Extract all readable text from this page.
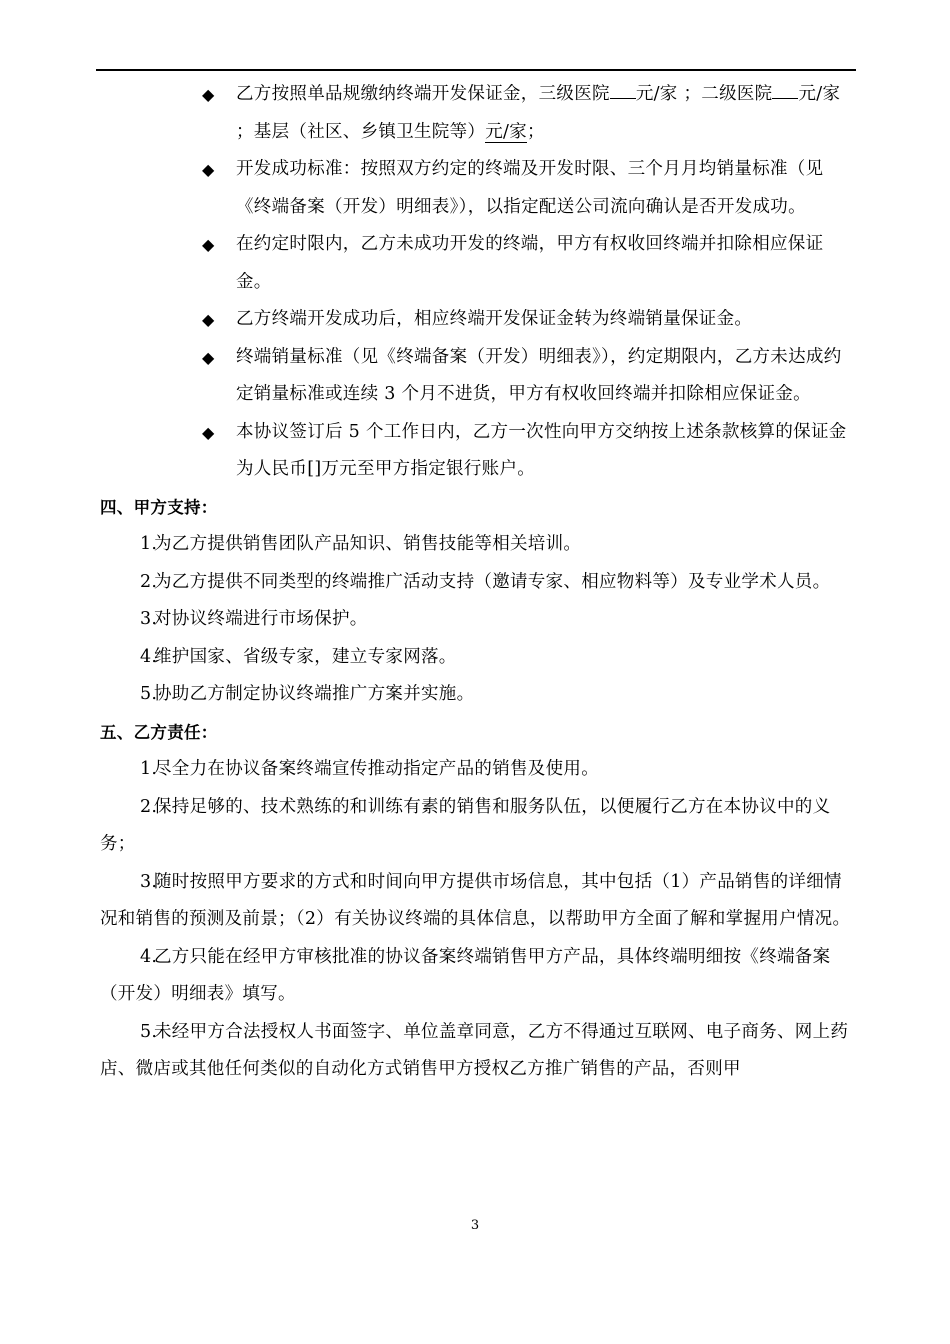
◆ 乙方按照单品规缴纳终端开发保证金，三级医院 元/家 ；二级医院 元/家 ；基层（社区、乡镇卫生院等）元/家；

◆ 开发成功标准：按照双方约定的终端及开发时限、三个月月均销量标准（见《终端备案（开发）明细表》），以指定配送公司流向确认是否开发成功。

◆ 在约定时限内，乙方未成功开发的终端，甲方有权收回终端并扣除相应保证金。

◆ 乙方终端开发成功后，相应终端开发保证金转为终端销量保证金。

◆ 终端销量标准（见《终端备案（开发）明细表》），约定期限内，乙方未达成约定销量标准或连续 3 个月不进货，甲方有权收回终端并扣除相应保证金。

◆ 本协议签订后 5 个工作日内，乙方一次性向甲方交纳按上述条款核算的保证金为人民币[]万元至甲方指定银行账户。

四、甲方支持：

1.为乙方提供销售团队产品知识、销售技能等相关培训。

2.为乙方提供不同类型的终端推广活动支持（邀请专家、相应物料等）及专业学术人员。

3.对协议终端进行市场保护。

4.维护国家、省级专家，建立专家网落。

5.协助乙方制定协议终端推广方案并实施。

五、乙方责任：

1.尽全力在协议备案终端宣传推动指定产品的销售及使用。

2.保持足够的、技术熟练的和训练有素的销售和服务队伍，以便履行乙方在本协议中的义务；

3.随时按照甲方要求的方式和时间向甲方提供市场信息，其中包括（1）产品销售的详细情况和销售的预测及前景；（2）有关协议终端的具体信息，以帮助甲方全面了解和掌握用户情况。

4.乙方只能在经甲方审核批准的协议备案终端销售甲方产品，具体终端明细按《终端备案（开发）明细表》填写。

5.未经甲方合法授权人书面签字、单位盖章同意，乙方不得通过互联网、电子商务、网上药店、微店或其他任何类似的自动化方式销售甲方授权乙方推广销售的产品，否则甲

3
